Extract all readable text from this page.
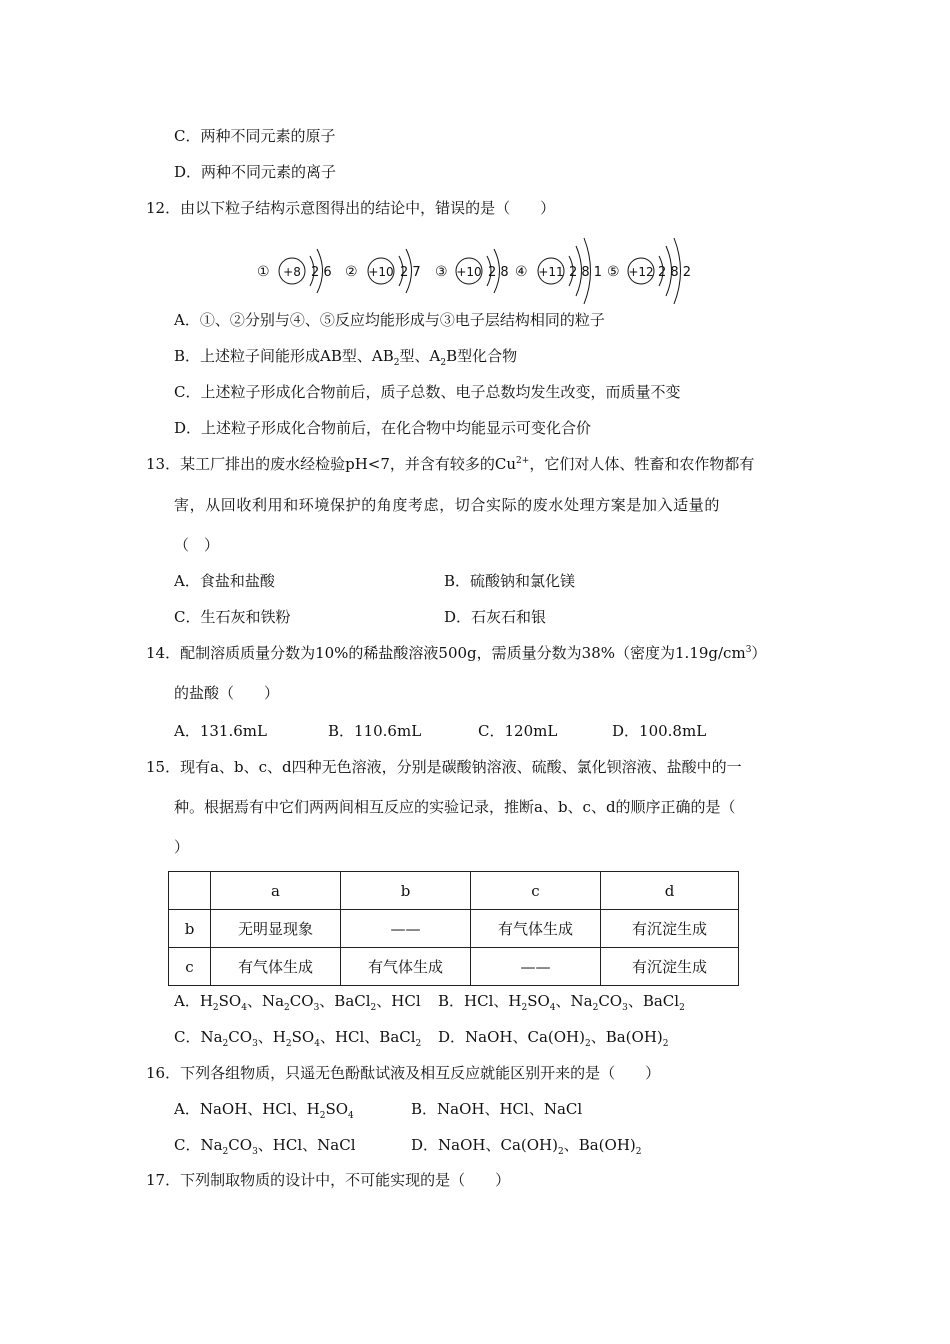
C．两种不同元素的原子
D．两种不同元素的离子
12．由以下粒子结构示意图得出的结论中，错误的是（　　）
① +8 2 6 ② +10 2 7 ③ +10 2 8 ④ +11 2 8 1 ⑤ +12 2 8 2
A．①、②分别与④、⑤反应均能形成与③电子层结构相同的粒子
B．上述粒子间能形成AB型、$AB_2$型、$A_2B$型化合物
C．上述粒子形成化合物前后，质子总数、电子总数均发生改变，而质量不变
D．上述粒子形成化合物前后，在化合物中均能显示可变化合价
13．某工厂排出的废水经检验pH<7，并含有较多的$Cu^{2+}$，它们对人体、牲畜和农作物都有
害，从回收利用和环境保护的角度考虑，切合实际的废水处理方案是加入适量的
（　）
A．食盐和盐酸	B．硫酸钠和氯化镁
C．生石灰和铁粉	D．石灰石和银
14．配制溶质质量分数为10%的稀盐酸溶液500g，需质量分数为38%（密度为$1.19g/cm^3$）
的盐酸（　　）
A．131.6mL	B．110.6mL	C．120mL	D．100.8mL
15．现有a、b、c、d四种无色溶液，分别是碳酸钠溶液、硫酸、氯化钡溶液、盐酸中的一
种。根据焉有中它们两两间相互反应的实验记录，推断a、b、c、d的顺序正确的是（
）
	a	b	c	d
b	无明显现象	——	有气体生成	有沉淀生成
c	有气体生成	有气体生成	——	有沉淀生成
A．$H_2SO_4$、$Na_2CO_3$、BaCl$_2$、HCl B．HCl、$H_2SO_4$、$Na_2CO_3$、BaCl$_2$
C．$Na_2CO_3$、$H_2SO_4$、HCl、BaCl$_2$ D．NaOH、$Ca(OH)_2$、$Ba(OH)_2$
16．下列各组物质，只遥无色酚酞试液及相互反应就能区别开来的是（　　）
A．NaOH、HCl、$H_2SO_4$	B．NaOH、HCl、NaCl
C．$Na_2CO_3$、HCl、NaCl	D．NaOH、$Ca(OH)_2$、$Ba(OH)_2$
17．下列制取物质的设计中，不可能实现的是（　　）
